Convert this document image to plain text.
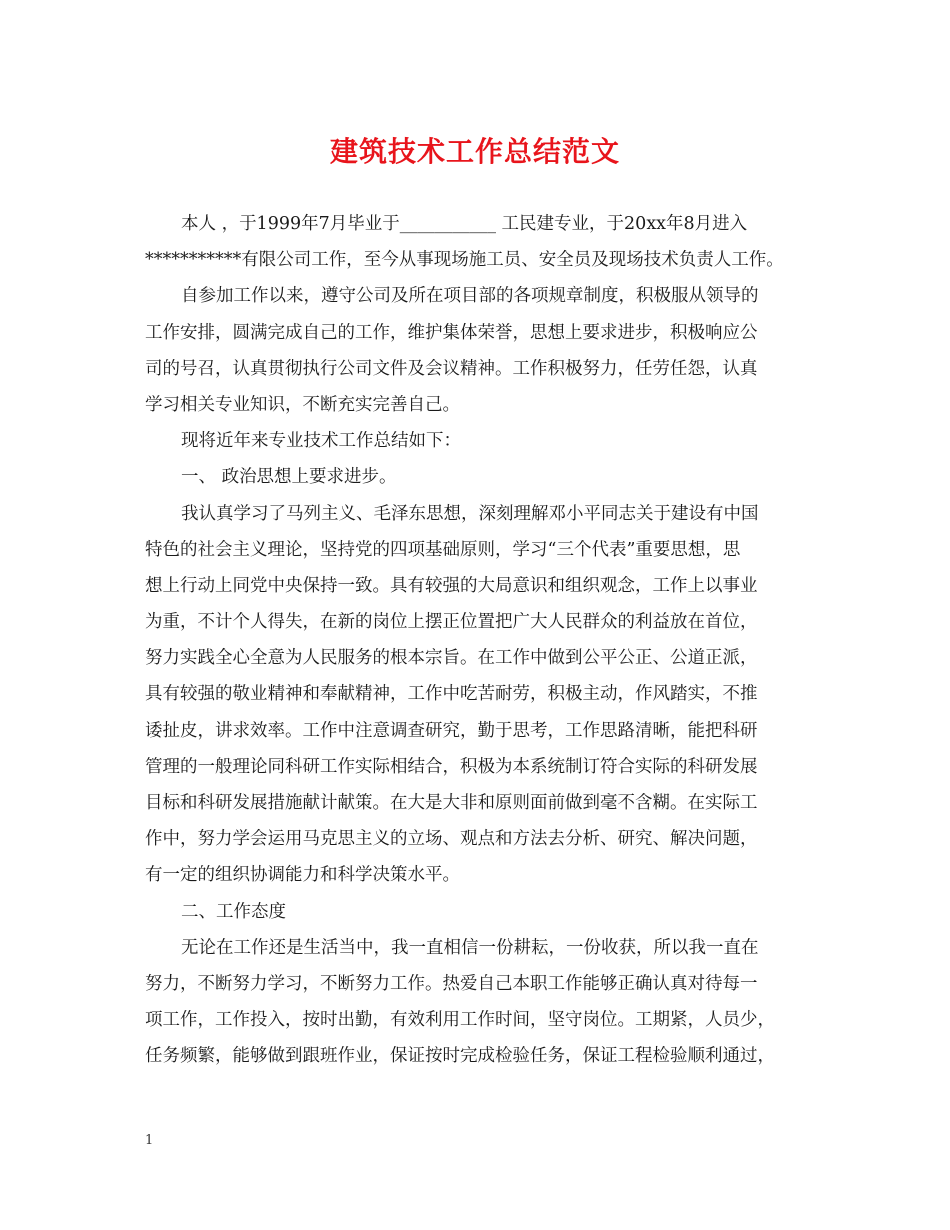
建筑技术工作总结范文
本人 ，于1999年7月毕业于___________ 工民建专业，于20xx年8月进入
***********有限公司工作，至今从事现场施工员、安全员及现场技术负责人工作。
自参加工作以来，遵守公司及所在项目部的各项规章制度，积极服从领导的
工作安排，圆满完成自己的工作，维护集体荣誉，思想上要求进步，积极响应公
司的号召，认真贯彻执行公司文件及会议精神。工作积极努力，任劳任怨，认真
学习相关专业知识，不断充实完善自己。
现将近年来专业技术工作总结如下：
一、 政治思想上要求进步。
我认真学习了马列主义、毛泽东思想，深刻理解邓小平同志关于建设有中国
特色的社会主义理论，坚持党的四项基础原则，学习“三个代表”重要思想，思
想上行动上同党中央保持一致。具有较强的大局意识和组织观念，工作上以事业
为重，不计个人得失，在新的岗位上摆正位置把广大人民群众的利益放在首位，
努力实践全心全意为人民服务的根本宗旨。在工作中做到公平公正、公道正派，
具有较强的敬业精神和奉献精神，工作中吃苦耐劳，积极主动，作风踏实，不推
诿扯皮，讲求效率。工作中注意调查研究，勤于思考，工作思路清晰，能把科研
管理的一般理论同科研工作实际相结合，积极为本系统制订符合实际的科研发展
目标和科研发展措施献计献策。在大是大非和原则面前做到毫不含糊。在实际工
作中，努力学会运用马克思主义的立场、观点和方法去分析、研究、解决问题，
有一定的组织协调能力和科学决策水平。
二、工作态度
无论在工作还是生活当中，我一直相信一份耕耘，一份收获，所以我一直在
努力，不断努力学习，不断努力工作。热爱自己本职工作能够正确认真对待每一
项工作，工作投入，按时出勤，有效利用工作时间，坚守岗位。工期紧，人员少，
任务频繁，能够做到跟班作业，保证按时完成检验任务，保证工程检验顺利通过，
1
